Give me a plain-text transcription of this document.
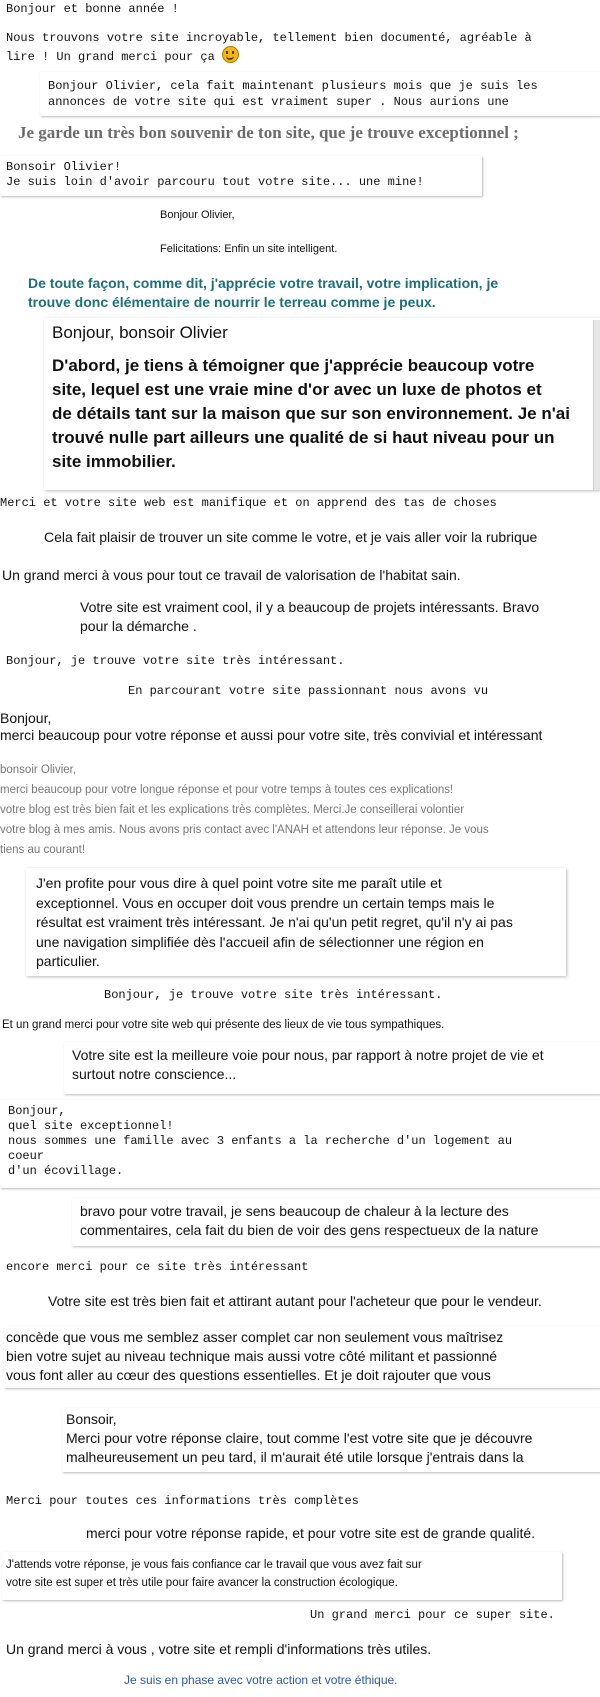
Bonjour et bonne année !
Nous trouvons votre site incroyable, tellement bien documenté, agréable à
lire ! Un grand merci pour ça
Bonjour Olivier, cela fait maintenant plusieurs mois que je suis les
annonces de votre site qui est vraiment super . Nous aurions une
Je garde un très bon souvenir de ton site, que je trouve exceptionnel ;
Bonsoir Olivier!
Je suis loin d'avoir parcouru tout votre site... une mine!
Bonjour Olivier,
Felicitations: Enfin un site intelligent.
De toute façon, comme dit, j'apprécie votre travail, votre implication, je
trouve donc élémentaire de nourrir le terreau comme je peux.
Bonjour, bonsoir Olivier
D'abord, je tiens à témoigner que j'apprécie beaucoup votre
site, lequel est une vraie mine d'or avec un luxe de photos et
de détails tant sur la maison que sur son environnement. Je n'ai
trouvé nulle part ailleurs une qualité de si haut niveau pour un
site immobilier.
Merci et votre site web est manifique et on apprend des tas de choses
Cela fait plaisir de trouver un site comme le votre, et je vais aller voir la rubrique
Un grand merci à vous pour tout ce travail de valorisation de l'habitat sain.
Votre site est vraiment cool, il y a beaucoup de projets intéressants. Bravo
pour la démarche .
Bonjour, je trouve votre site très intéressant.
En parcourant votre site passionnant nous avons vu
Bonjour,
merci beaucoup pour votre réponse et aussi pour votre site, très convivial et intéressant
bonsoir Olivier,
merci beaucoup pour votre longue réponse et pour votre temps à toutes ces explications!
votre blog est très bien fait et les explications très complètes. Merci.Je conseillerai volontier
votre blog à mes amis. Nous avons pris contact avec l'ANAH et attendons leur réponse. Je vous
tiens au courant!
J'en profite pour vous dire à quel point votre site me paraît utile et
exceptionnel. Vous en occuper doit vous prendre un certain temps mais le
résultat est vraiment très intéressant. Je n'ai qu'un petit regret, qu'il n'y ai pas
une navigation simplifiée dès l'accueil afin de sélectionner une région en
particulier.
Bonjour, je trouve votre site très intéressant.
Et un grand merci pour votre site web qui présente des lieux de vie tous sympathiques.
Votre site est la meilleure voie pour nous, par rapport à notre projet de vie et
surtout notre conscience...
Bonjour,
quel site exceptionnel!
nous sommes une famille avec 3 enfants a la recherche d'un logement au
coeur
d'un écovillage.
bravo pour votre travail, je sens beaucoup de chaleur à la lecture des
commentaires, cela fait du bien de voir des gens respectueux de la nature
encore merci pour ce site très intéressant
Votre site est très bien fait et attirant autant pour l'acheteur que pour le vendeur.
concède que vous me semblez asser complet car non seulement vous maîtrisez
bien votre sujet au niveau technique mais aussi votre côté militant et passionné
vous font aller au cœur des questions essentielles. Et je doit rajouter que vous
Bonsoir,
Merci pour votre réponse claire, tout comme l'est votre site que je découvre
malheureusement un peu tard, il m'aurait été utile lorsque j'entrais dans la
Merci pour toutes ces informations très complètes
merci pour votre réponse rapide, et pour votre site est de grande qualité.
J'attends votre réponse, je vous fais confiance car le travail que vous avez fait sur
votre site est super et très utile pour faire avancer la construction écologique.
Un grand merci pour ce super site.
Un grand merci à vous , votre site et rempli d'informations très utiles.
Je suis en phase avec votre action et votre éthique.
